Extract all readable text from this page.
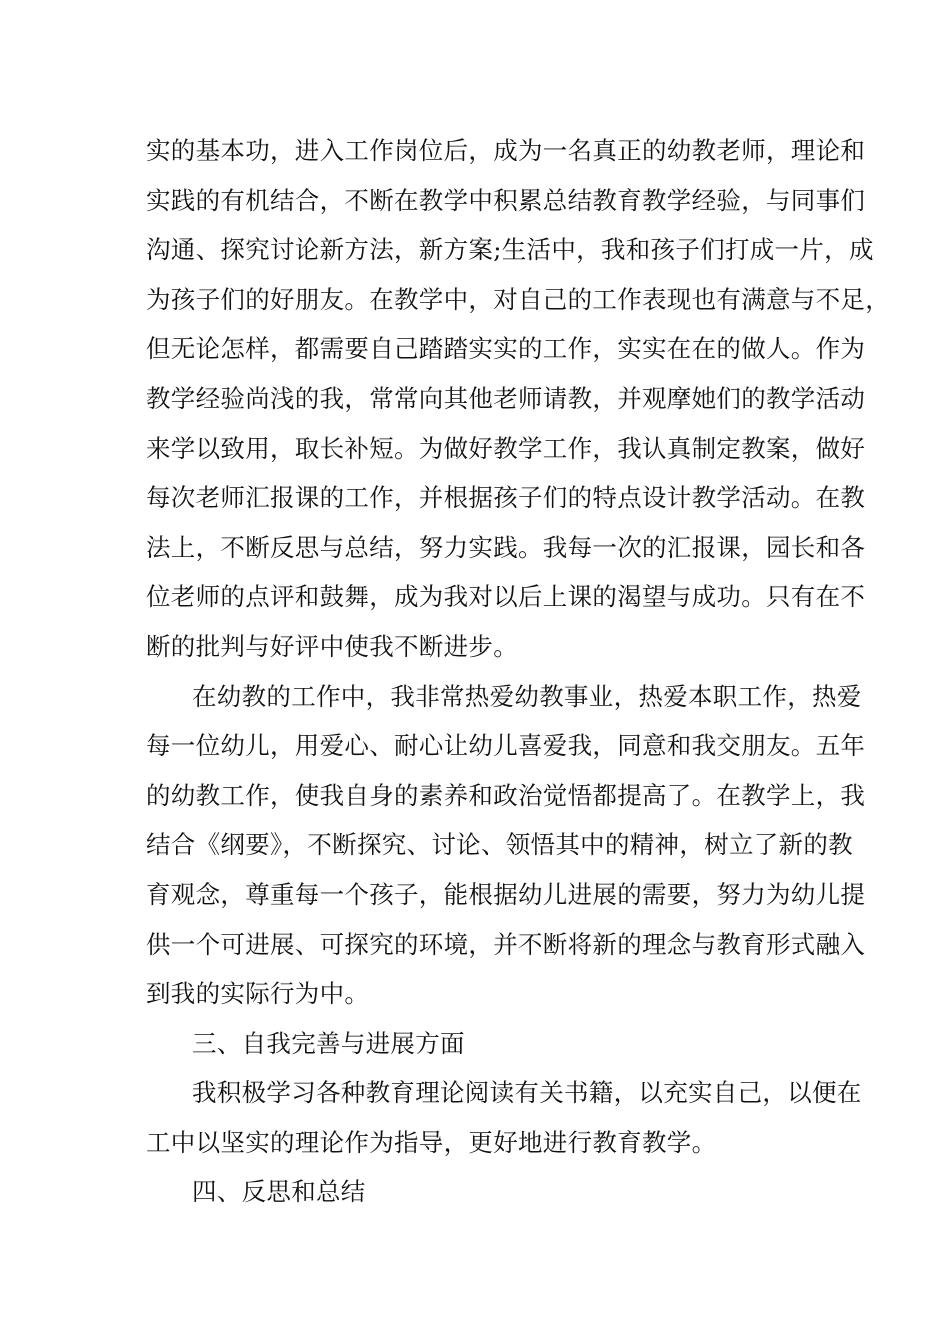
实的基本功，进入工作岗位后，成为一名真正的幼教老师，理论和
实践的有机结合，不断在教学中积累总结教育教学经验，与同事们
沟通、探究讨论新方法，新方案;生活中，我和孩子们打成一片，成
为孩子们的好朋友。在教学中，对自己的工作表现也有满意与不足，
但无论怎样，都需要自己踏踏实实的工作，实实在在的做人。作为
教学经验尚浅的我，常常向其他老师请教，并观摩她们的教学活动
来学以致用，取长补短。为做好教学工作，我认真制定教案，做好
每次老师汇报课的工作，并根据孩子们的特点设计教学活动。在教
法上，不断反思与总结，努力实践。我每一次的汇报课，园长和各
位老师的点评和鼓舞，成为我对以后上课的渴望与成功。只有在不
断的批判与好评中使我不断进步。
在幼教的工作中，我非常热爱幼教事业，热爱本职工作，热爱
每一位幼儿，用爱心、耐心让幼儿喜爱我，同意和我交朋友。五年
的幼教工作，使我自身的素养和政治觉悟都提高了。在教学上，我
结合《纲要》，不断探究、讨论、领悟其中的精神，树立了新的教
育观念，尊重每一个孩子，能根据幼儿进展的需要，努力为幼儿提
供一个可进展、可探究的环境，并不断将新的理念与教育形式融入
到我的实际行为中。
三、自我完善与进展方面
我积极学习各种教育理论阅读有关书籍，以充实自己，以便在
工中以坚实的理论作为指导，更好地进行教育教学。
四、反思和总结
